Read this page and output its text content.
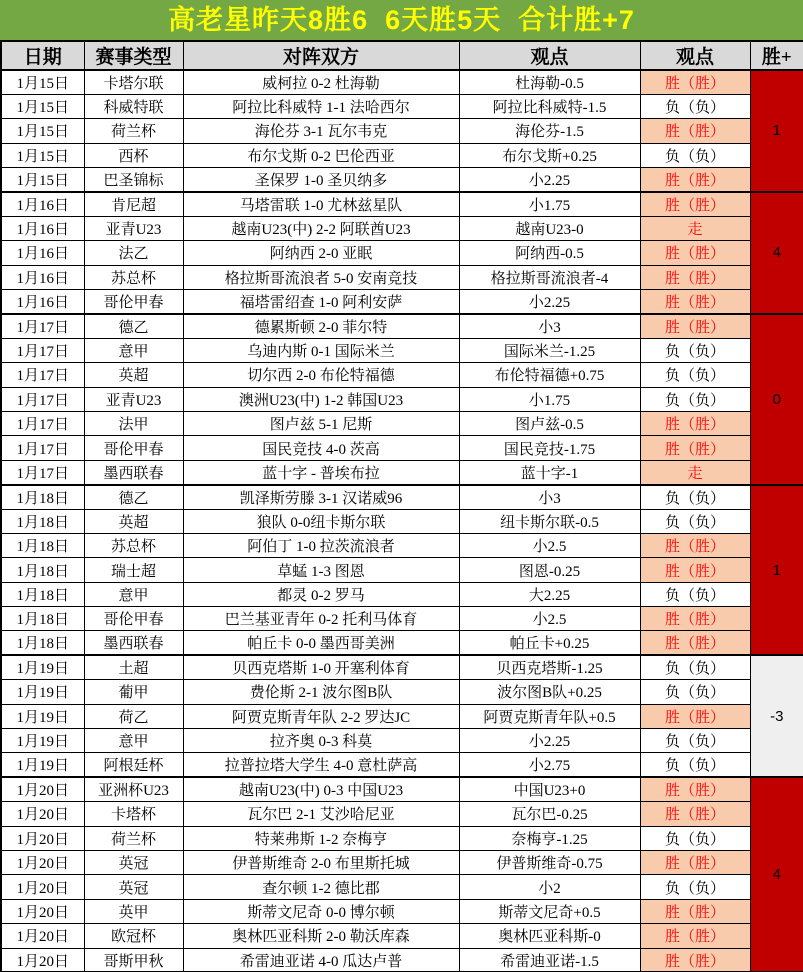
高老星昨天8胜6  6天胜5天  合计胜+7
日期	赛事类型	对阵双方	观点	观点	胜+
1月15日	卡塔尔联	威柯拉 0-2 杜海勒	杜海勒-0.5	胜（胜）	1
1月15日	科威特联	阿拉比科威特 1-1 法哈西尔	阿拉比科威特-1.5	负（负）	
1月15日	荷兰杯	海伦芬 3-1 瓦尔韦克	海伦芬-1.5	胜（胜）	
1月15日	西杯	布尔戈斯 0-2 巴伦西亚	布尔戈斯+0.25	负（负）	
1月15日	巴圣锦标	圣保罗 1-0 圣贝纳多	小2.25	胜（胜）	
1月16日	肯尼超	马塔雷联 1-0 尤林兹星队	小1.75	胜（胜）	4
1月16日	亚青U23	越南U23(中) 2-2 阿联酋U23	越南U23-0	走	
1月16日	法乙	阿纳西 2-0 亚眠	阿纳西-0.5	胜（胜）	
1月16日	苏总杯	格拉斯哥流浪者 5-0 安南竞技	格拉斯哥流浪者-4	胜（胜）	
1月16日	哥伦甲春	福塔雷绍查 1-0 阿利安萨	小2.25	胜（胜）	
1月17日	德乙	德累斯顿 2-0 菲尔特	小3	胜（胜）	0
1月17日	意甲	乌迪内斯 0-1 国际米兰	国际米兰-1.25	负（负）	
1月17日	英超	切尔西 2-0 布伦特福德	布伦特福德+0.75	负（负）	
1月17日	亚青U23	澳洲U23(中) 1-2 韩国U23	小1.75	负（负）	
1月17日	法甲	图卢兹 5-1 尼斯	图卢兹-0.5	胜（胜）	
1月17日	哥伦甲春	国民竞技 4-0 茨高	国民竞技-1.75	胜（胜）	
1月17日	墨西联春	蓝十字 - 普埃布拉	蓝十字-1	走	
1月18日	德乙	凯泽斯劳滕 3-1 汉诺威96	小3	负（负）	1
1月18日	英超	狼队 0-0纽卡斯尔联	纽卡斯尔联-0.5	负（负）	
1月18日	苏总杯	阿伯丁 1-0 拉茨流浪者	小2.5	胜（胜）	
1月18日	瑞士超	草蜢 1-3 图恩	图恩-0.25	胜（胜）	
1月18日	意甲	都灵 0-2 罗马	大2.25	负（负）	
1月18日	哥伦甲春	巴兰基亚青年 0-2 托利马体育	小2.5	胜（胜）	
1月18日	墨西联春	帕丘卡 0-0 墨西哥美洲	帕丘卡+0.25	胜（胜）	
1月19日	土超	贝西克塔斯 1-0 开塞利体育	贝西克塔斯-1.25	负（负）	-3
1月19日	葡甲	费伦斯 2-1 波尔图B队	波尔图B队+0.25	负（负）	
1月19日	荷乙	阿贾克斯青年队 2-2 罗达JC	阿贾克斯青年队+0.5	胜（胜）	
1月19日	意甲	拉齐奥 0-3 科莫	小2.25	负（负）	
1月19日	阿根廷杯	拉普拉塔大学生 4-0 意杜萨高	小2.75	负（负）	
1月20日	亚洲杯U23	越南U23(中) 0-3 中国U23	中国U23+0	胜（胜）	4
1月20日	卡塔杯	瓦尔巴 2-1 艾沙哈尼亚	瓦尔巴-0.25	胜（胜）	
1月20日	荷兰杯	特莱弗斯 1-2 奈梅亨	奈梅亨-1.25	负（负）	
1月20日	英冠	伊普斯维奇 2-0 布里斯托城	伊普斯维奇-0.75	胜（胜）	
1月20日	英冠	查尔顿 1-2 德比郡	小2	负（负）	
1月20日	英甲	斯蒂文尼奇 0-0 博尔顿	斯蒂文尼奇+0.5	胜（胜）	
1月20日	欧冠杯	奥林匹亚科斯 2-0 勒沃库森	奥林匹亚科斯-0	胜（胜）	
1月20日	哥斯甲秋	希雷迪亚诺 4-0 瓜达卢普	希雷迪亚诺-1.5	胜（胜）	
